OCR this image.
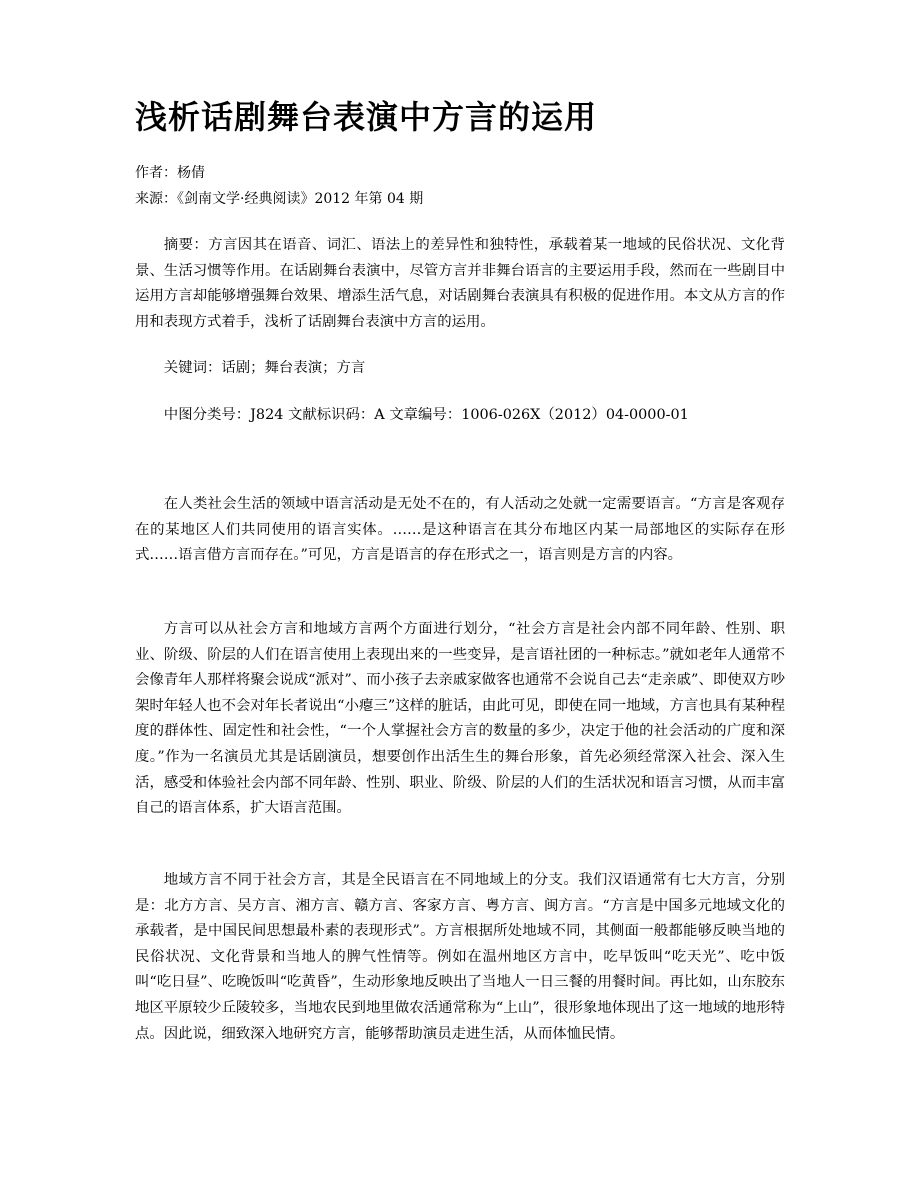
浅析话剧舞台表演中方言的运用
作者：杨倩
来源：《剑南文学·经典阅读》2012 年第 04 期

摘要：方言因其在语音、词汇、语法上的差异性和独特性，承载着某一地域的民俗状况、文化背景、生活习惯等作用。在话剧舞台表演中，尽管方言并非舞台语言的主要运用手段，然而在一些剧目中运用方言却能够增强舞台效果、增添生活气息，对话剧舞台表演具有积极的促进作用。本文从方言的作用和表现方式着手，浅析了话剧舞台表演中方言的运用。

关键词：话剧；舞台表演；方言

中图分类号：J824 文献标识码：A 文章编号：1006-026X（2012）04-0000-01

在人类社会生活的领域中语言活动是无处不在的，有人活动之处就一定需要语言。“方言是客观存在的某地区人们共同使用的语言实体。……是这种语言在其分布地区内某一局部地区的实际存在形式……语言借方言而存在。”可见，方言是语言的存在形式之一，语言则是方言的内容。

方言可以从社会方言和地域方言两个方面进行划分，“社会方言是社会内部不同年龄、性别、职业、阶级、阶层的人们在语言使用上表现出来的一些变异，是言语社团的一种标志。”就如老年人通常不会像青年人那样将聚会说成“派对”、而小孩子去亲戚家做客也通常不会说自己去“走亲戚”、即使双方吵架时年轻人也不会对年长者说出“小瘪三”这样的脏话，由此可见，即使在同一地域，方言也具有某种程度的群体性、固定性和社会性，“一个人掌握社会方言的数量的多少，决定于他的社会活动的广度和深度。”作为一名演员尤其是话剧演员，想要创作出活生生的舞台形象，首先必须经常深入社会、深入生活，感受和体验社会内部不同年龄、性别、职业、阶级、阶层的人们的生活状况和语言习惯，从而丰富自己的语言体系，扩大语言范围。

地域方言不同于社会方言，其是全民语言在不同地域上的分支。我们汉语通常有七大方言，分别是：北方方言、吴方言、湘方言、赣方言、客家方言、粤方言、闽方言。“方言是中国多元地域文化的承载者，是中国民间思想最朴素的表现形式”。方言根据所处地域不同，其侧面一般都能够反映当地的民俗状况、文化背景和当地人的脾气性情等。例如在温州地区方言中，吃早饭叫“吃天光”、吃中饭叫“吃日昼”、吃晚饭叫“吃黄昏”，生动形象地反映出了当地人一日三餐的用餐时间。再比如，山东胶东地区平原较少丘陵较多，当地农民到地里做农活通常称为“上山”，很形象地体现出了这一地域的地形特点。因此说，细致深入地研究方言，能够帮助演员走进生活，从而体恤民情。
